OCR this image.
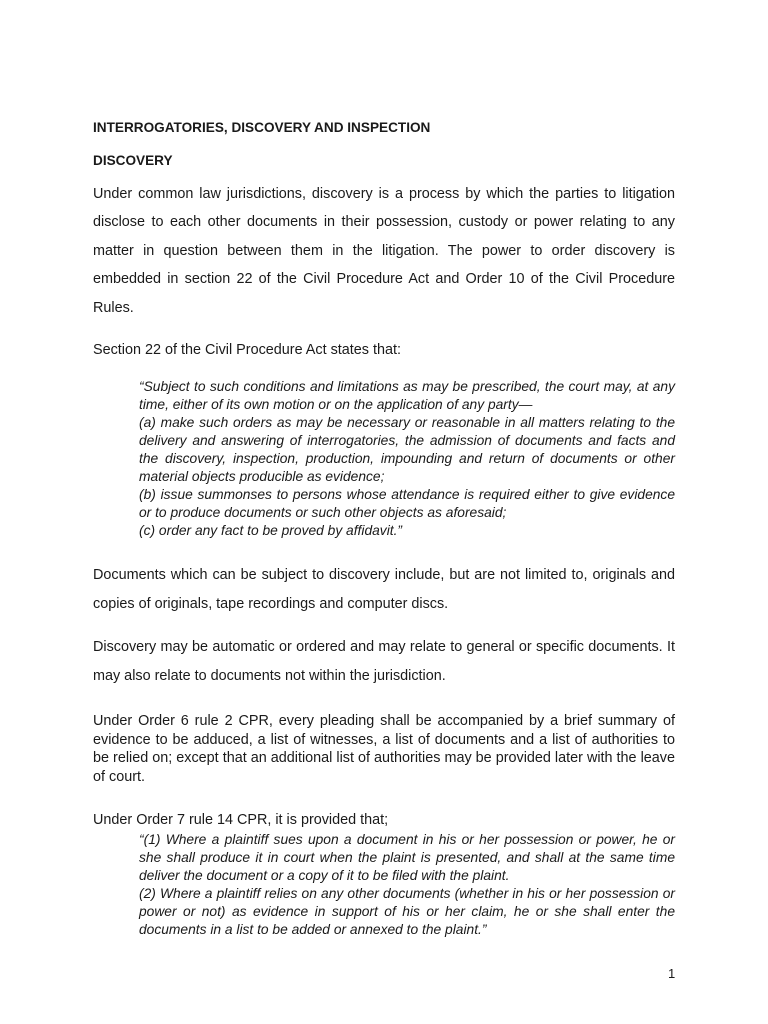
INTERROGATORIES, DISCOVERY AND INSPECTION

DISCOVERY

Under common law jurisdictions, discovery is a process by which the parties to litigation disclose to each other documents in their possession, custody or power relating to any matter in question between them in the litigation. The power to order discovery is embedded in section 22 of the Civil Procedure Act and Order 10 of the Civil Procedure Rules.

Section 22 of the Civil Procedure Act states that:

“Subject to such conditions and limitations as may be prescribed, the court may, at any time, either of its own motion or on the application of any party—

(a) make such orders as may be necessary or reasonable in all matters relating to the delivery and answering of interrogatories, the admission of documents and facts and the discovery, inspection, production, impounding and return of documents or other material objects producible as evidence;

(b) issue summonses to persons whose attendance is required either to give evidence or to produce documents or such other objects as aforesaid;

(c) order any fact to be proved by affidavit.”

Documents which can be subject to discovery include, but are not limited to, originals and copies of originals, tape recordings and computer discs.

Discovery may be automatic or ordered and may relate to general or specific documents. It may also relate to documents not within the jurisdiction.

Under Order 6 rule 2 CPR, every pleading shall be accompanied by a brief summary of evidence to be adduced, a list of witnesses, a list of documents and a list of authorities to be relied on; except that an additional list of authorities may be provided later with the leave of court.

Under Order 7 rule 14 CPR, it is provided that;

“(1) Where a plaintiff sues upon a document in his or her possession or power, he or she shall produce it in court when the plaint is presented, and shall at the same time deliver the document or a copy of it to be filed with the plaint.

(2) Where a plaintiff relies on any other documents (whether in his or her possession or power or not) as evidence in support of his or her claim, he or she shall enter the documents in a list to be added or annexed to the plaint.”

1
